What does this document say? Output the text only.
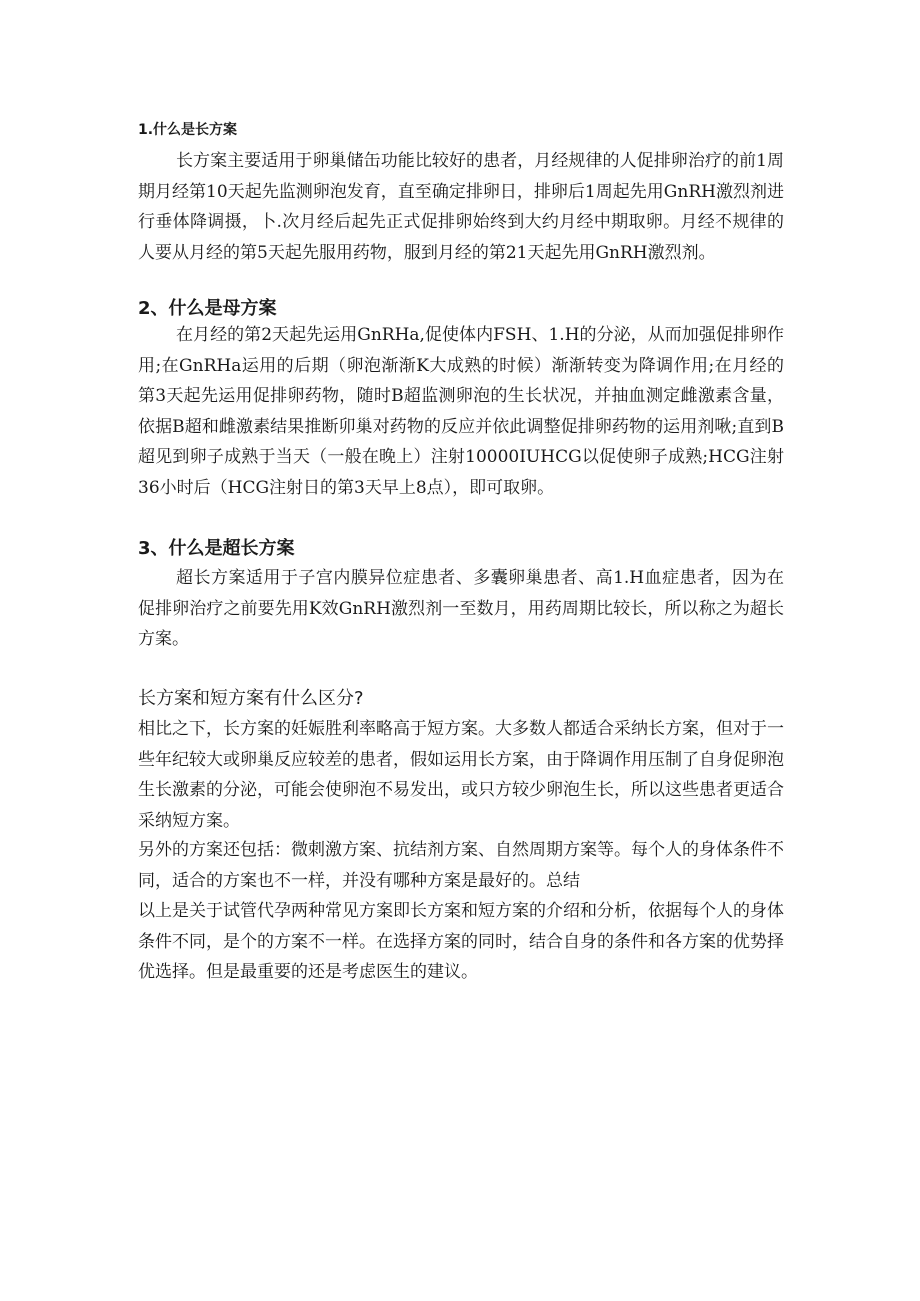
1.什么是长方案

长方案主要适用于卵巢储缶功能比较好的患者，月经规律的人促排卵治疗的前1周期月经第10天起先监测卵泡发育，直至确定排卵日，排卵后1周起先用GnRH激烈剂进行垂体降调摄，卜.次月经后起先正式促排卵始终到大约月经中期取卵。月经不规律的人要从月经的第5天起先服用药物，服到月经的第21天起先用GnRH激烈剂。

2、什么是母方案

在月经的第2天起先运用GnRHa,促使体内FSH、1.H的分泌，从而加强促排卵作用;在GnRHa运用的后期（卵泡渐渐K大成熟的时候）渐渐转变为降调作用;在月经的第3天起先运用促排卵药物，随时B超监测卵泡的生长状况，并抽血测定雌激素含量，依据B超和雌激素结果推断卯巢对药物的反应并依此调整促排卵药物的运用剂啾;直到B超见到卵子成熟于当天（一般在晚上）注射10000IUHCG以促使卵子成熟;HCG注射36小时后（HCG注射日的第3天早上8点），即可取卵。

3、什么是超长方案

超长方案适用于子宫内膜异位症患者、多囊卵巢患者、高1.H血症患者，因为在促排卵治疗之前要先用K效GnRH激烈剂一至数月，用药周期比较长，所以称之为超长方案。

长方案和短方案有什么区分?

相比之下，长方案的妊娠胜利率略高于短方案。大多数人都适合采纳长方案，但对于一些年纪较大或卵巢反应较差的患者，假如运用长方案，由于降调作用压制了自身促卵泡生长激素的分泌，可能会使卵泡不易发出，或只方较少卵泡生长，所以这些患者更适合采纳短方案。

另外的方案还包括：微刺激方案、抗结剂方案、自然周期方案等。每个人的身体条件不同，适合的方案也不一样，并没有哪种方案是最好的。总结

以上是关于试管代孕两种常见方案即长方案和短方案的介绍和分析，依据每个人的身体条件不同，是个的方案不一样。在选择方案的同时，结合自身的条件和各方案的优势择优选择。但是最重要的还是考虑医生的建议。
